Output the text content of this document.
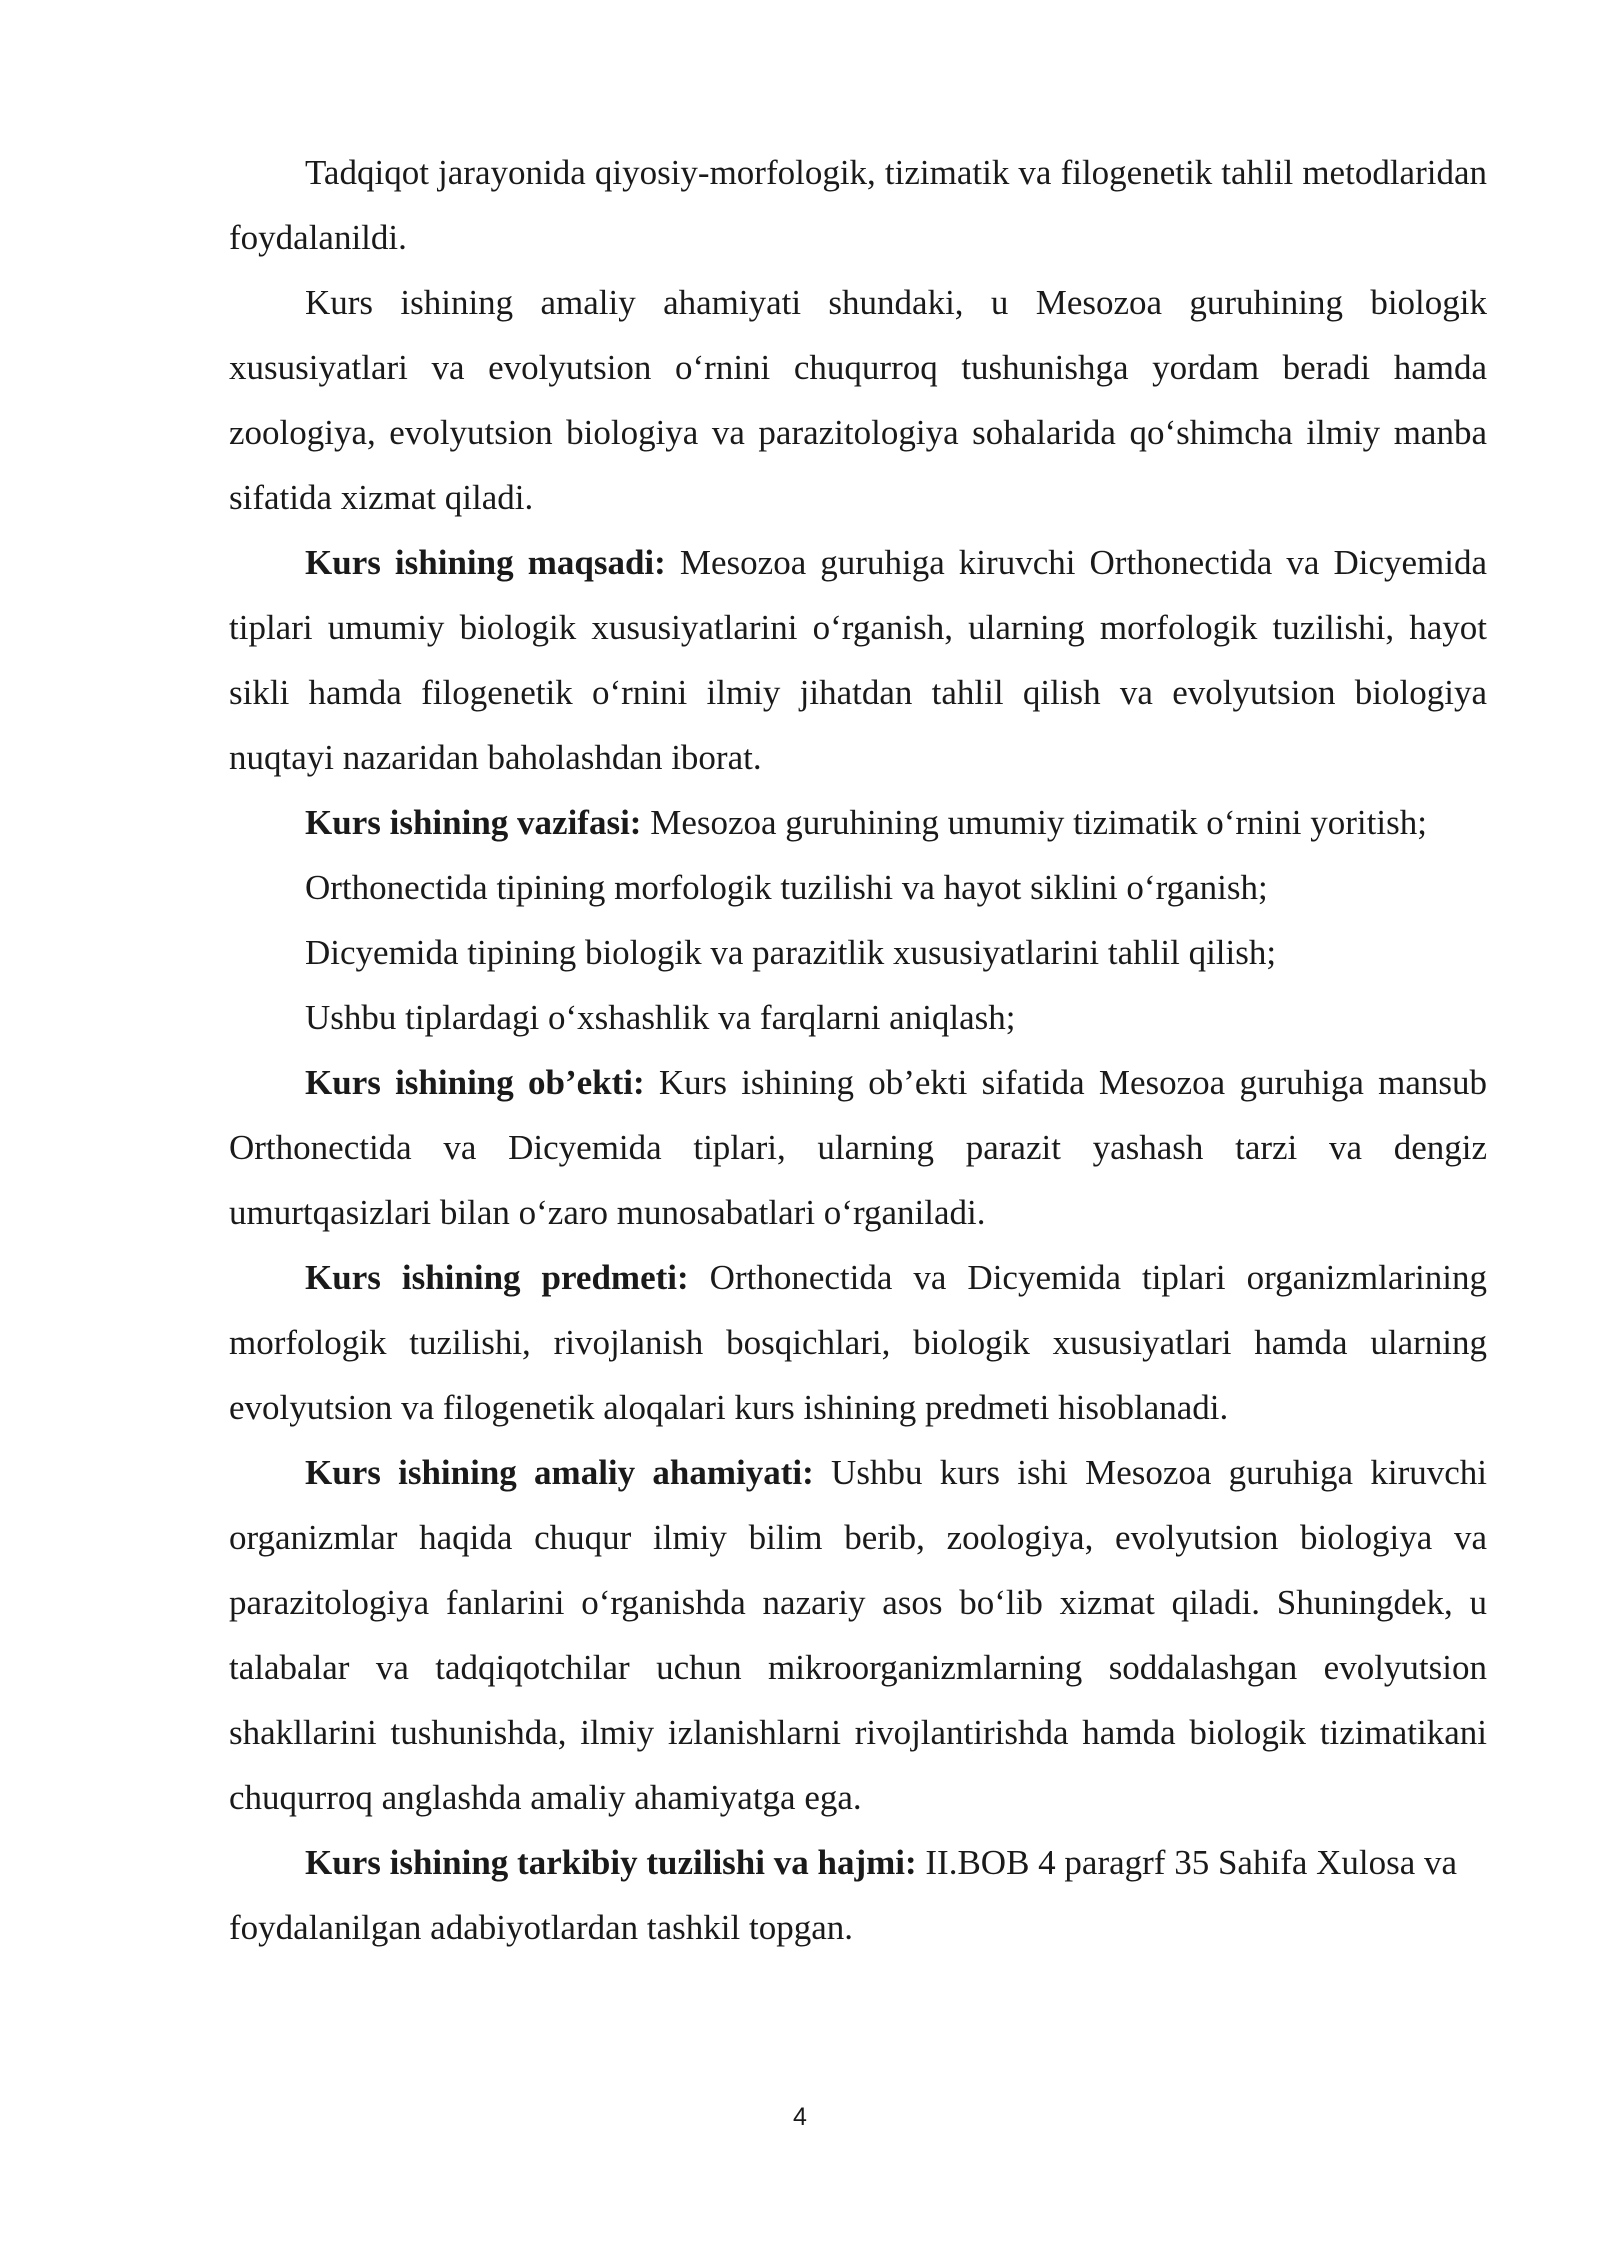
Tadqiqot jarayonida qiyosiy-morfologik, tizimatik va filogenetik tahlil metodlaridan foydalanildi.

Kurs ishining amaliy ahamiyati shundaki, u Mesozoa guruhining biologik xususiyatlari va evolyutsion oʻrnini chuqurroq tushunishga yordam beradi hamda zoologiya, evolyutsion biologiya va parazitologiya sohalarida qoʻshimcha ilmiy manba sifatida xizmat qiladi.

Kurs ishining maqsadi: Mesozoa guruhiga kiruvchi Orthonectida va Dicyemida tiplari umumiy biologik xususiyatlarini oʻrganish, ularning morfologik tuzilishi, hayot sikli hamda filogenetik oʻrnini ilmiy jihatdan tahlil qilish va evolyutsion biologiya nuqtayi nazaridan baholashdan iborat.

Kurs ishining vazifasi: Mesozoa guruhining umumiy tizimatik oʻrnini yoritish;

Orthonectida tipining morfologik tuzilishi va hayot siklini oʻrganish;

Dicyemida tipining biologik va parazitlik xususiyatlarini tahlil qilish;

Ushbu tiplardagi oʻxshashlik va farqlarni aniqlash;

Kurs ishining ob’ekti: Kurs ishining ob’ekti sifatida Mesozoa guruhiga mansub Orthonectida va Dicyemida tiplari, ularning parazit yashash tarzi va dengiz umurtqasizlari bilan oʻzaro munosabatlari oʻrganiladi.

Kurs ishining predmeti: Orthonectida va Dicyemida tiplari organizmlarining morfologik tuzilishi, rivojlanish bosqichlari, biologik xususiyatlari hamda ularning evolyutsion va filogenetik aloqalari kurs ishining predmeti hisoblanadi.

Kurs ishining amaliy ahamiyati: Ushbu kurs ishi Mesozoa guruhiga kiruvchi organizmlar haqida chuqur ilmiy bilim berib, zoologiya, evolyutsion biologiya va parazitologiya fanlarini oʻrganishda nazariy asos boʻlib xizmat qiladi. Shuningdek, u talabalar va tadqiqotchilar uchun mikroorganizmlarning soddalashgan evolyutsion shakllarini tushunishda, ilmiy izlanishlarni rivojlantirishda hamda biologik tizimatikani chuqurroq anglashda amaliy ahamiyatga ega.

Kurs ishining tarkibiy tuzilishi va hajmi: II.BOB 4 paragrf 35 Sahifa Xulosa va foydalanilgan adabiyotlardan tashkil topgan.

4
